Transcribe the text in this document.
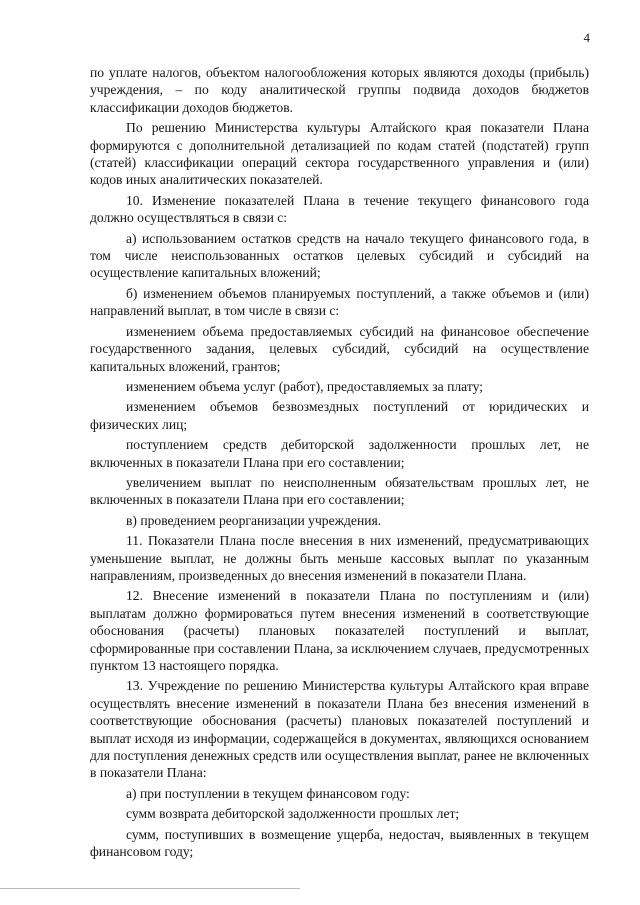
4

по уплате налогов, объектом налогообложения которых являются доходы (прибыль) учреждения, – по коду аналитической группы подвида доходов бюджетов классификации доходов бюджетов.

По решению Министерства культуры Алтайского края показатели Плана формируются с дополнительной детализацией по кодам статей (подстатей) групп (статей) классификации операций сектора государственного управления и (или) кодов иных аналитических показателей.

10. Изменение показателей Плана в течение текущего финансового года должно осуществляться в связи с:

а) использованием остатков средств на начало текущего финансового года, в том числе неиспользованных остатков целевых субсидий и субсидий на осуществление капитальных вложений;

б) изменением объемов планируемых поступлений, а также объемов и (или) направлений выплат, в том числе в связи с:

изменением объема предоставляемых субсидий на финансовое обеспечение государственного задания, целевых субсидий, субсидий на осуществление капитальных вложений, грантов;

изменением объема услуг (работ), предоставляемых за плату;

изменением объемов безвозмездных поступлений от юридических и физических лиц;

поступлением средств дебиторской задолженности прошлых лет, не включенных в показатели Плана при его составлении;

увеличением выплат по неисполненным обязательствам прошлых лет, не включенных в показатели Плана при его составлении;

в) проведением реорганизации учреждения.

11. Показатели Плана после внесения в них изменений, предусматривающих уменьшение выплат, не должны быть меньше кассовых выплат по указанным направлениям, произведенных до внесения изменений в показатели Плана.

12. Внесение изменений в показатели Плана по поступлениям и (или) выплатам должно формироваться путем внесения изменений в соответствующие обоснования (расчеты) плановых показателей поступлений и выплат, сформированные при составлении Плана, за исключением случаев, предусмотренных пунктом 13 настоящего порядка.

13. Учреждение по решению Министерства культуры Алтайского края вправе осуществлять внесение изменений в показатели Плана без внесения изменений в соответствующие обоснования (расчеты) плановых показателей поступлений и выплат исходя из информации, содержащейся в документах, являющихся основанием для поступления денежных средств или осуществления выплат, ранее не включенных в показатели Плана:

а) при поступлении в текущем финансовом году:

сумм возврата дебиторской задолженности прошлых лет;

сумм, поступивших в возмещение ущерба, недостач, выявленных в текущем финансовом году;
